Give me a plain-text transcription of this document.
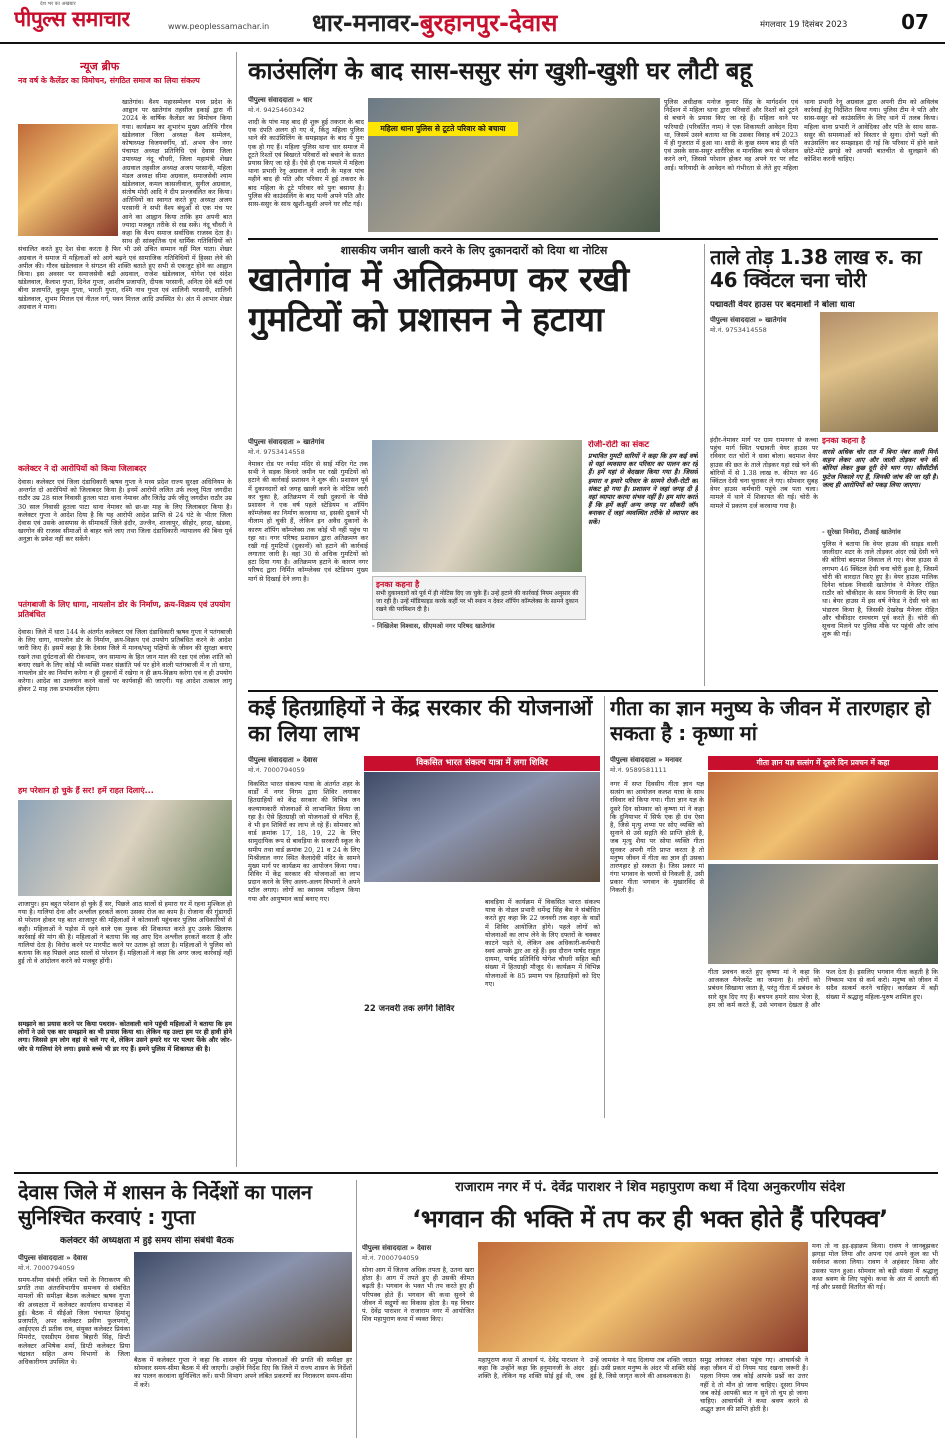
देश भर का अखबार
पीपुल्स समाचार	www.peoplessamachar.in धार-मनावर-बुरहानपुर-देवास	मंगलवार 19 दिसंबर 2023	07
न्यूज ब्रीफ
नव वर्ष के कैलेंडर का विमोचन, संगठित समाज का लिया संकल्प
खातेगांव। वैश्य महासम्मेलन मध्य प्रदेश के आह्वान पर खातेगांव तहसील इकाई द्वारा नीं 2024 के वार्षिक कैलेंडर का विमोचन किया गया। कार्यक्रम का शुभारंभ मुख्य अतिथि गौरव खंडेलवाल जिला अध्यक्ष वैश्य सम्मेलन, कोषाध्यक्ष विजयवर्गीय, डॉ. अभय जैन नगर पंचायत अध्यक्ष प्रतिनिधि एवं देवास जिला उपाध्यक्ष नंदू चौधरी, जिला महामंत्री शेखर अग्रवाल तहसील अध्यक्ष अजय परसानी, महिला मंडल अध्यक्ष सीमा अग्रवाल, समाजसेवी श्याम खंडेलवाल, कमल कासलीवाल, सुनील अग्रवाल, संतोष मोदी आदि ने दीप प्रज्जवलित कर किया। अतिथियों का स्वागत करते हुए अध्यक्ष अजय परसानी ने सभी वैश्य बंधुओं से एक मंच पर आने का आह्वान किया ताकि हम अपनी बात ज्यादा मजबूत तरीके से रख सकें। नंदू चौधरी ने कहा कि वैश्य समाज सर्वाधिक राजस्व देता है। साथ ही सांस्कृतिक एवं धार्मिक गतिविधियों को संचालित करते हुए देश सेवा करता है फिर भी उसे उचित सम्मान नहीं मिल पाता। शेखर अग्रवाल ने समाज में महिलाओं को आगे बढ़ने एवं सामाजिक गतिविधियों में हिस्सा लेने की अपील की। गौरव खंडेलवाल ने संगठन की शक्ति बताते हुए सभी से एकजुट होने का आह्वान किया। इस अवसर पर समाजसेवी बद्री अग्रवाल, राजेश खंडेलवाल, योगेश एवं संदेश खंडेलवाल, कैलाश गुप्ता, दिनेश गुप्ता, आशीष प्रजापति, दीपक परसानी, अनिता देवे बंटी एवं बीना प्रजापति, कुसुम गुप्ता, भारती गुप्ता, रश्मि नाथ गुप्ता एवं शालिनी परसानी, शालिनी खंडेलवाल, शुभम मित्तल एवं नीतल गर्ग, पवन मित्तल आदि उपस्थित थे। अंत में आभार शेखर अग्रवाल ने माना।
कलेक्टर ने दो आरोपियों को किया जिलाबदर
देवास। कलेक्टर एवं जिला दंडाधिकारी ऋषव गुप्ता ने मध्य प्रदेश राज्य सुरक्षा अधिनियम के अन्तर्गत दो आरोपियों को जिलाबदर किया है। इनमें आरोपी ललित उर्फ लल्लू पिता जगदीश राठौर उम्र 28 साल निवासी हुतला पाटा थाना नेमावर और जितेंद्र उर्फ जीतू जगदीश राठौर उम्र 30 साल निवासी हुतला पाटा थाना नेमावर को छः-छः माह के लिए जिलाबदर किया है। कलेक्टर गुप्ता ने आदेश दिया है कि यह आरोपी आदेश प्राप्ति से 24 घंटे के भीतर जिला देवास एवं उसके आसपास के सीमावर्ती जिले इंदौर, उज्जैन, शाजापुर, सीहोर, हरदा, खंडवा, खरगोन की राजस्व सीमाओं से बाहर चले जाए तथा जिला दंडाधिकारी न्यायालय की बिना पूर्व अनुज्ञा के प्रवेश नहीं कर सकेंगे।
पतंगबाजी के लिए धागा, नायलोन डोर के निर्माण, क्रय-विक्रय एवं उपयोग प्रतिबंधित
देवास। जिले में धारा 144 के अंतर्गत कलेक्टर एवं जिला दंडाधिकारी ऋषव गुप्ता ने पतंगबाजी के लिए धागा, नायलोन डोर के निर्माण, क्रय-विक्रय एवं उपयोग प्रतिबंधित करने के आदेश जारी किए हैं। इसमें कहा है कि देवास जिले में मानव/पशु पक्षियों के जीवन की सुरक्षा बनाए रखने तथा दुर्घटनाओं की रोकथाम, जन सामान्य के हित जान माल की रक्षा एवं लोक शांति को बनाए रखने के लिए कोई भी व्यक्ति मकर संक्रांति पर्व पर होने वाली पतंगबाजी में न तो धागा, नायलोन डोर का निर्माण करेगा न ही दुकानों में रखेगा न ही क्रय-विक्रय करेगा एवं न ही उपयोग करेगा। आदेश का उल्लंघन करने वालों पर कार्यवाही की जाएगी। यह आदेश तत्काल लागू होकर 2 माह तक प्रभावशील रहेगा।
हम परेशान हो चुके हैं सर! हमें राहत दिलाएं...
शाजापुर। हम बहुत परेशान हो चुके हैं सर, पिछले आठ सालों से हमारा घर में रहना मुश्किल हो गया है। गालियां देना और अश्लील हरकतें करना उसका रोज का काम है। रोजाना की गुंडागर्दी से परेशान होकर यह बात शाजापुर की महिलाओं ने कोतवाली पहुंचकर पुलिस अधिकारियों से कही। महिलाओं ने पड़ोस में रहने वाले एक युवक की शिकायत करते हुए उसके खिलाफ कार्रवाई की मांग की है। महिलाओं ने बताया कि वह आए दिन अश्लील हरकतें करता है और गालियां देता है। विरोध करने पर मारपीट करने पर उतारू हो जाता है। महिलाओं ने पुलिस को बताया कि वह पिछले आठ सालों से परेशान हैं। महिलाओं ने कहा कि अगर जल्द कार्रवाई नहीं हुई तो वे आंदोलन करने को मजबूर होंगी।
समझाने का प्रयास करने पर किया पथराव- कोतवाली थाने पहुंची महिलाओं ने बताया कि हम लोगों ने उसे एक बार समझाने का भी प्रयास किया था। लेकिन यह उल्टा हम पर ही हावी होने लगा। जिससे हम लोग वहां से चले गए थे, लेकिन उसने हमारे घर पर पत्थर फेंके और जोर-जोर से गालियां देने लगा। इससे बच्चे भी डर गए हैं। हमने पुलिस में शिकायत की है।
काउंसलिंग के बाद सास-ससुर संग खुशी-खुशी घर लौटी बहू
पीपुल्स संवाददाता » धार
मो.नं. 9425460342
महिला थाना पुलिस से टूटते परिवार को बचाया
शादी के पांच माह बाद ही शुरू हुई तकरार के बाद एक दंपति अलग हो गए थे, किंतु महिला पुलिस थाने की काउंसिलिंग के समझाइश के बाद ये पुनः एक हो गए हैं। महिला पुलिस थाना धार समाज में टूटते रिश्तों एवं बिखरते परिवारों को बचाने के सतत प्रयास किए जा रहे हैं। ऐसे ही एक मामले में महिला थाना प्रभारी रेनू अग्रवाल ने शादी के महज पांच महीने बाद ही पति और परिवार में हुई तकरार के बाद महिला के टूटे परिवार को पुनः बसाया है। पुलिस की काउंसलिंग के बाद पत्नी अपने पति और सास-ससुर के साथ खुशी-खुशी अपने घर लौट गई।
पुलिस अधीक्षक मनोज कुमार सिंह के मार्गदर्शन एवं निर्देशन में महिला थाना द्वारा परिवारों और रिश्तों को टूटने से बचाने के प्रयास किए जा रहे हैं। महिला थाने पर फरियादी (परिवर्तित नाम) ने एक शिकायती आवेदन दिया था, जिसमें उसने बताया था कि उसका विवाह वर्ष 2023 में ही गुजरात में हुआ था। शादी के कुछ समय बाद ही पति एवं उसके सास-ससुर शारीरिक व मानसिक रूप से परेशान करने लगे, जिससे परेशान होकर वह अपने घर पर लौट आई। फरियादी के आवेदन को गंभीरता से लेते हुए महिला थाना प्रभारी रेनू अग्रवाल द्वारा अपनी टीम को अविलंब कार्रवाई हेतु निर्देशित किया गया। पुलिस टीम ने पति और सास-ससुर को काउंसलिंग के लिए थाने में तलब किया। महिला थाना प्रभारी ने आवेदिका और पति के साथ सास-ससुर की समस्याओं को विस्तार से सुना। दोनों पक्षों की काउंसलिंग कर समझाइश दी गई कि परिवार में होने वाले छोटे-मोटे झगड़े को आपसी बातचीत से सुलझाने की कोशिश करनी चाहिए।
शासकीय जमीन खाली करने के लिए दुकानदारों को दिया था नोटिस
खातेगांव में अतिक्रमण कर रखी गुमटियों को प्रशासन ने हटाया
पीपुल्स संवाददाता » खातेगांव
मो.नं. 9753414558
रोजी-रोटी का संकट
प्रभावित गुमटी धारियों ने कहा कि हम कई वर्षों से यहां व्यवसाय कर परिवार का पालन कर रहे हैं। हमें यहां से बेदखल किया गया है। जिससे हमारा व हमारे परिवार के सामने रोजी-रोटी का संकट हो गया है। प्रशासन ने जहां जगह दी है वहां व्यापार करना संभव नहीं है। हम मांग करते हैं कि हमें कहीं अन्य जगह पर सौकरी जॉन बनाकर दें जहां व्यवस्थित तरीके से व्यापार कर सकें।
इनका कहना है
सभी दुकानदारों को पूर्व में ही नोटिस दिए जा चुके हैं। उन्हें हटाने की कार्रवाई नियम अनुसार की जा रही है। उन्हें मॉडिफाइड करके कहीं पर भी स्थान न देकर शॉपिंग कॉम्प्लेक्स के सामने दुकान रखने की परमिशन दी है।
नेमावर रोड पर नर्मदा मंदिर से साई मंदिर गेट तक सभी ने सड़क किनारे जमीन पर रखी गुमटियों को हटाने की कार्रवाई प्रशासन ने शुरू की। प्रशासन पूर्व में दुकानदारों को जगह खाली करने के नोटिस जारी कर चुका है, अतिक्रमण में रखी दुकानों के पीछे प्रशासन ने एक वर्ष पहले स्टेडियम व शॉपिंग कॉम्प्लेक्स का निर्माण करवाया था, इसकी दुकानें भी नीलाम हो चुकी हैं, लेकिन इन अवैध दुकानों के कारण शॉपिंग कॉम्प्लेक्स तक कोई भी नहीं पहुंच पा रहा था। नगर परिषद प्रशासन द्वारा अतिक्रमण कर रखी गई गुमटियों (दुकानों) को हटाने की कार्रवाई लगातार जारी है। वहां 30 से अधिक गुमटियों को हटा दिया गया है। अतिक्रमण हटाने के कारण नगर परिषद द्वारा निर्मित कॉम्प्लेक्स एवं स्टेडियम मुख्य मार्ग से दिखाई देने लगा है।
- निखिलेश विश्वास, सीएमओ नगर परिषद खातेगांव
ताले तोड़ 1.38 लाख रु. का 46 क्विंटल चना चोरी
पद्मावती वेयर हाउस पर बदमाशों ने बोला धावा
पीपुल्स संवाददाता » खातेगांव
मो.नं. 9753414558
इंदौर-नेमावर मार्ग पर ग्राम रामनगर से कच्चा पहुंच मार्ग स्थित पद्मावती वेयर हाउस पर रविवार रात चोरों ने धावा बोला। बदमाश वेयर हाउस की छत के ताले तोड़कर यहां रखे चने की बोरियों में से 1.38 लाख रु. कीमत का 46 क्विंटल देसी चना चुराकर ले गए। सोमवार सुबह वेयर हाउस कर्मचारी पहुंचे तब पता चला। मामले में थाने में शिकायत की गई। चोरी के मामले में प्रकरण दर्ज करवाया गया है।
इनका कहना है
वारसे अधिक चोर रात में बिना नंबर वाली मिनी वाहन लेकर आए और जाली तोड़कर चने की बोरियां लेकर कुछ दूरी देने भाग गए। सीसीटीवी फुटेज निकाले गए हैं, जिनकी जांच की जा रही है। जल्द ही आरोपियों को पकड़ लिया जाएगा।
- सुरेखा निमोदा, टीआई खातेगांव
पुलिस ने बताया कि वेयर हाउस की साइड वाली जालीदार शटर के ताले तोड़कर अंदर रखे देसी चने की बोरियां बदमाश निकाल ले गए। वेयर हाउस से लगभग 46 क्विंटल देसी चना चोरी हुआ है, जिसमें चोरी की वारदात किए हुए है। वेयर हाउस मालिक दिनेश चांडक निवासी खातेगांव ने मैनेजर रोहित राठौर को चौकीदार के साथ निगरानी के लिए रखा था। बेयर हाउस में इस वर्ष नेफेड ने देसी चने का भंडारण किया है, जिसकी देखरेख मैनेजर रोहित और चौकीदार रामचरण पूर्व करते हैं। चोरी की सूचना मिलने पर पुलिस मौके पर पहुंची और जांच शुरू की गई।
कई हितग्राहियों ने केंद्र सरकार की योजनाओं का लिया लाभ
पीपुल्स संवाददाता » देवास
मो.नं. 7000794059
विकसित भारत संकल्प यात्रा में लगा शिविर
विकसित भारत संकल्प यात्रा के अंतर्गत शहर के वार्डों में नगर निगम द्वारा शिविर लगाकर हितग्राहियों को केंद्र सरकार की विभिन्न जन कल्याणकारी योजनाओं से लाभान्वित किया जा रहा है। ऐसे हितग्राही जो योजनाओं से वंचित हैं, वे भी इन शिविरों का लाभ ले रहे हैं। सोमवार को वार्ड क्रमांक 17, 18, 19, 22 के लिए सामुदायिक रूप से बावड़िया के सरकारी स्कूल के समीप तथा वार्ड क्रमांक 20, 21 व 24 के लिए मिश्रीलाल नगर स्थित कैलादेवी मंदिर के सामने मुख्य मार्ग पर कार्यक्रम का आयोजन किया गया। शिविर में केंद्र सरकार की योजनाओं का लाभ प्रदान करने के लिए अलग-अलग विभागों ने अपने स्टॉल लगाए। लोगों का स्वास्थ्य परीक्षण किया गया और आयुष्मान कार्ड बनाए गए।
22 जनवरी तक लगेंगे शिविर
बावड़िया में कार्यक्रम में विकसित भारत संकल्प यात्रा के नोडल प्रभारी धर्मेन्द्र सिंह बैस ने संबोधित करते हुए कहा कि 22 जनवरी तक शहर के वार्डों में शिविर आयोजित होंगे। पहले लोगों को योजनाओं का लाभ लेने के लिए दफ्तरों के चक्कर काटने पड़ते थे, लेकिन अब अधिकारी-कर्मचारी स्वयं आपके द्वार आ रहे हैं। इस दौरान पार्षद राहुल दायमा, पार्षद प्रतिनिधि योगेश चौधरी सहित बड़ी संख्या में हितग्राही मौजूद थे। कार्यक्रम में विभिन्न योजनाओं के 85 प्रमाण पत्र हितग्राहियों को दिए गए।
गीता का ज्ञान मनुष्य के जीवन में तारणहार हो सकता है : कृष्णा मां
पीपुल्स संवाददाता » मनावर
मो.नं. 9589581111
गीता ज्ञान यज्ञ सत्संग में दूसरे दिन प्रवचन में कहा
नगर में सप्त दिवसीय गीता ज्ञान यज्ञ सत्संग का आयोजन कलश यात्रा के साथ रविवार को किया गया। गीता ज्ञान यज्ञ के दूसरे दिन सोमवार को कृष्णा मां ने कहा कि दुनियाभर में सिर्फ एक ही ग्रंथ ऐसा है, जिसे मृत्यु शय्या पर सोए व्यक्ति को सुनाने से उसे सद्गति की प्राप्ति होती है, जब मृत्यु शैया पर सोया व्यक्ति गीता सुनकर अपनी गति प्राप्त करता है तो मनुष्य जीवन में गीता का ज्ञान ही उसका तारणहार हो सकता है। जिस प्रकार मां गंगा भगवान के चरणों से निकली है, उसी प्रकार गीता भगवान के मुखारविंद से निकली है।
गीता प्रवचन करते हुए कृष्णा मां ने कहा कि आजकल मैनेजमेंट का जमाना है। लोगों को प्रबंधन सिखाया जाता है, परंतु गीता में प्रबंधन के सारे सूत्र दिए गए हैं। बचपन हमारे साथ भेजा है, हम जो कर्म करते हैं, उसे भगवान देखता है और फल देता है। इसलिए भगवान गीता कहती है कि निष्काम भाव से कर्म करो। मनुष्य को जीवन में सदैव सत्कर्म करने चाहिए। कार्यक्रम में बड़ी संख्या में श्रद्धालु महिला-पुरुष शामिल हुए।
देवास जिले में शासन के निर्देशों का पालन सुनिश्चित करवाएं : गुप्ता
कलेक्टर की अध्यक्षता में हुई समय सीमा संबंधी बैठक
पीपुल्स संवाददाता » देवास
मो.नं. 7000794059
समय-सीमा संबंधी लंबित पत्रों के निराकरण की प्रगति तथा अंतरविभागीय समन्वय से संबंधित मामलों की समीक्षा बैठक कलेक्टर ऋषव गुप्ता की अध्यक्षता में कलेक्टर कार्यालय सभाकक्ष में हुई। बैठक में सीईओ जिला पंचायत हिमांशु प्रजापति, अपर कलेक्टर प्रवीण फुलपगारे, आईएएस टी प्रतीक राव, संयुक्त कलेक्टर प्रियंका मिमरोट, एसडीएम देवास बिहारी सिंह, डिप्टी कलेक्टर अभिषेक शर्मा, डिप्टी कलेक्टर प्रिया चंद्रावत सहित अन्य विभागों के जिला अधिकारीगण उपस्थित थे।	बैठक में कलेक्टर गुप्ता ने कहा कि शासन की प्रमुख योजनाओं की प्रगति की समीक्षा हर सोमवार समय-सीमा बैठक में की जाएगी। उन्होंने निर्देश दिए कि जिले में राज्य शासन के निर्देशों का पालन करवाना सुनिश्चित करें। सभी विभाग अपने लंबित प्रकरणों का निराकरण समय-सीमा में करें।
राजाराम नगर में पं. देवेंद्र पाराशर ने शिव महापुराण कथा में दिया अनुकरणीय संदेश
‘भगवान की भक्ति में तप कर ही भक्त होते हैं परिपक्व’
पीपुल्स संवाददाता » देवास
मो.नं. 7000794059
सोना आग में जितना अधिक तपता है, उतना खरा होता है। आग में तपते हुए ही उसकी कीमत बढ़ती है। भगवान के भक्त भी तप करते हुए ही परिपक्व होते हैं। भगवान की कथा सुनने से जीवन में सद्गुणों का विकास होता है। यह विचार पं. देवेंद्र पाराशर ने राजाराम नगर में आयोजित शिव महापुराण कथा में व्यक्त किए।
महापुराण कथा में आचार्य पं. देवेंद्र पाराशर ने कहा कि उन्होंने कहा कि हनुमानजी के अंदर शक्ति है, लेकिन यह शक्ति सोई हुई थी, जब उन्हें जामवंत ने याद दिलाया तब शक्ति जाग्रत हुई। उसी प्रकार मनुष्य के अंदर भी शक्ति सोई हुई है, जिसे जागृत करने की आवश्यकता है।
समुद्र लांघकर लंका पहुंच गए। आचार्यश्री ने कहा जीवन में दो नियम याद रखना जरूरी है। पहला नियम जब कोई आपके प्रश्नों का उत्तर नहीं दे तो मौन हो जाना चाहिए। दूसरा नियम जब कोई आपकी बात न सुने तो चुप हो जाना चाहिए। आचार्यश्री ने कथा श्रवण करने से अद्भुत ज्ञान की प्राप्ति होती है।
मना तो ना इड़-इड़ाक्रम किया। रावण ने जानबूझकर झगड़ा मोल लिया और अपना एवं अपने कुल का भी सर्वनाश करवा लिया। रावण ने अहंकार किया और उसका पतन हुआ। सोमवार को बड़ी संख्या में श्रद्धालु कथा श्रवण के लिए पहुंचे। कथा के अंत में आरती की गई और प्रसादी वितरित की गई।
